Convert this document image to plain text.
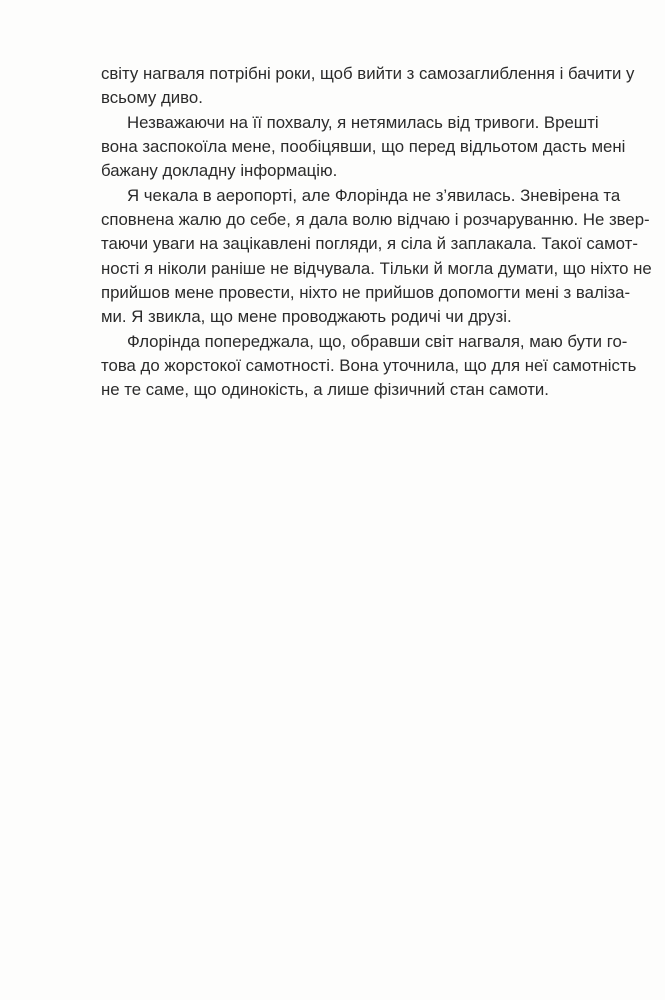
світу нагваля потрібні роки, щоб вийти з самозаглиблення і бачити у
всьому диво.
Незважаючи на її похвалу, я нетямилась від тривоги. Врешті
вона заспокоїла мене, пообіцявши, що перед відльотом дасть мені
бажану докладну інформацію.
Я чекала в аеропорті, але Флорінда не з’явилась. Зневірена та
сповнена жалю до себе, я дала волю відчаю і розчаруванню. Не звер-
таючи уваги на зацікавлені погляди, я сіла й заплакала. Такої самот-
ності я ніколи раніше не відчувала. Тільки й могла думати, що ніхто не
прийшов мене провести, ніхто не прийшов допомогти мені з валіза-
ми. Я звикла, що мене проводжають родичі чи друзі.
Флорінда попереджала, що, обравши світ нагваля, маю бути го-
това до жорстокої самотності. Вона уточнила, що для неї самотність
не те саме, що одинокість, а лише фізичний стан самоти.
